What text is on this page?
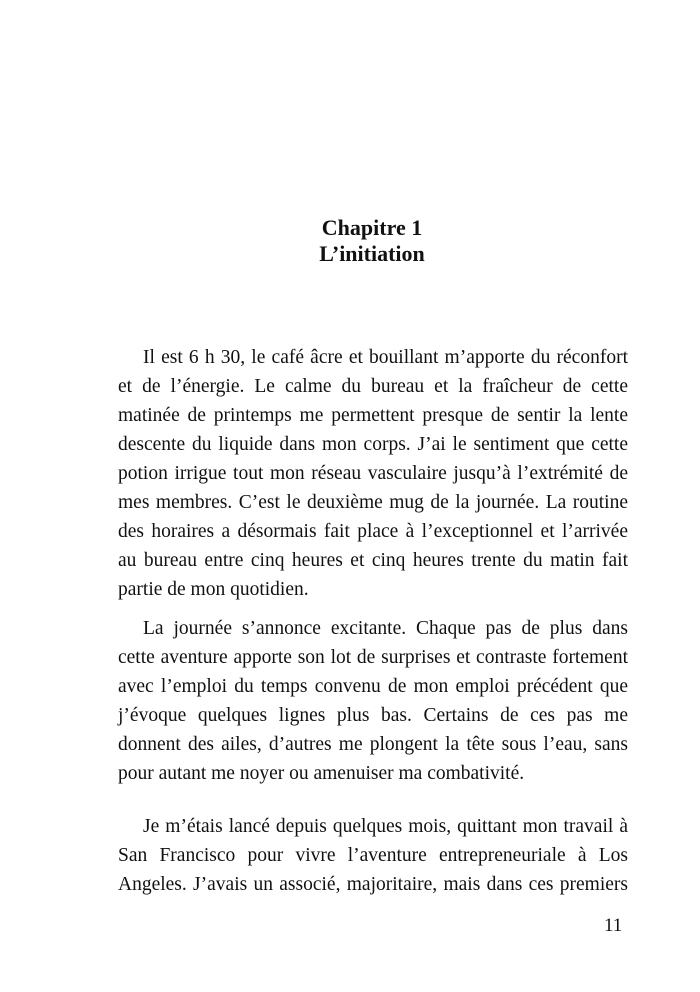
Chapitre 1
L’initiation
Il est 6 h 30, le café âcre et bouillant m’apporte du réconfort
et de l’énergie. Le calme du bureau et la fraîcheur de cette
matinée de printemps me permettent presque de sentir la lente
descente du liquide dans mon corps. J’ai le sentiment que cette
potion irrigue tout mon réseau vasculaire jusqu’à l’extrémité de
mes membres. C’est le deuxième mug de la journée. La routine
des horaires a désormais fait place à l’exceptionnel et l’arrivée
au bureau entre cinq heures et cinq heures trente du matin fait
partie de mon quotidien.
La journée s’annonce excitante. Chaque pas de plus dans
cette aventure apporte son lot de surprises et contraste fortement
avec l’emploi du temps convenu de mon emploi précédent que
j’évoque quelques lignes plus bas. Certains de ces pas me
donnent des ailes, d’autres me plongent la tête sous l’eau, sans
pour autant me noyer ou amenuiser ma combativité.
Je m’étais lancé depuis quelques mois, quittant mon travail à
San Francisco pour vivre l’aventure entrepreneuriale à Los
Angeles. J’avais un associé, majoritaire, mais dans ces premiers
11
